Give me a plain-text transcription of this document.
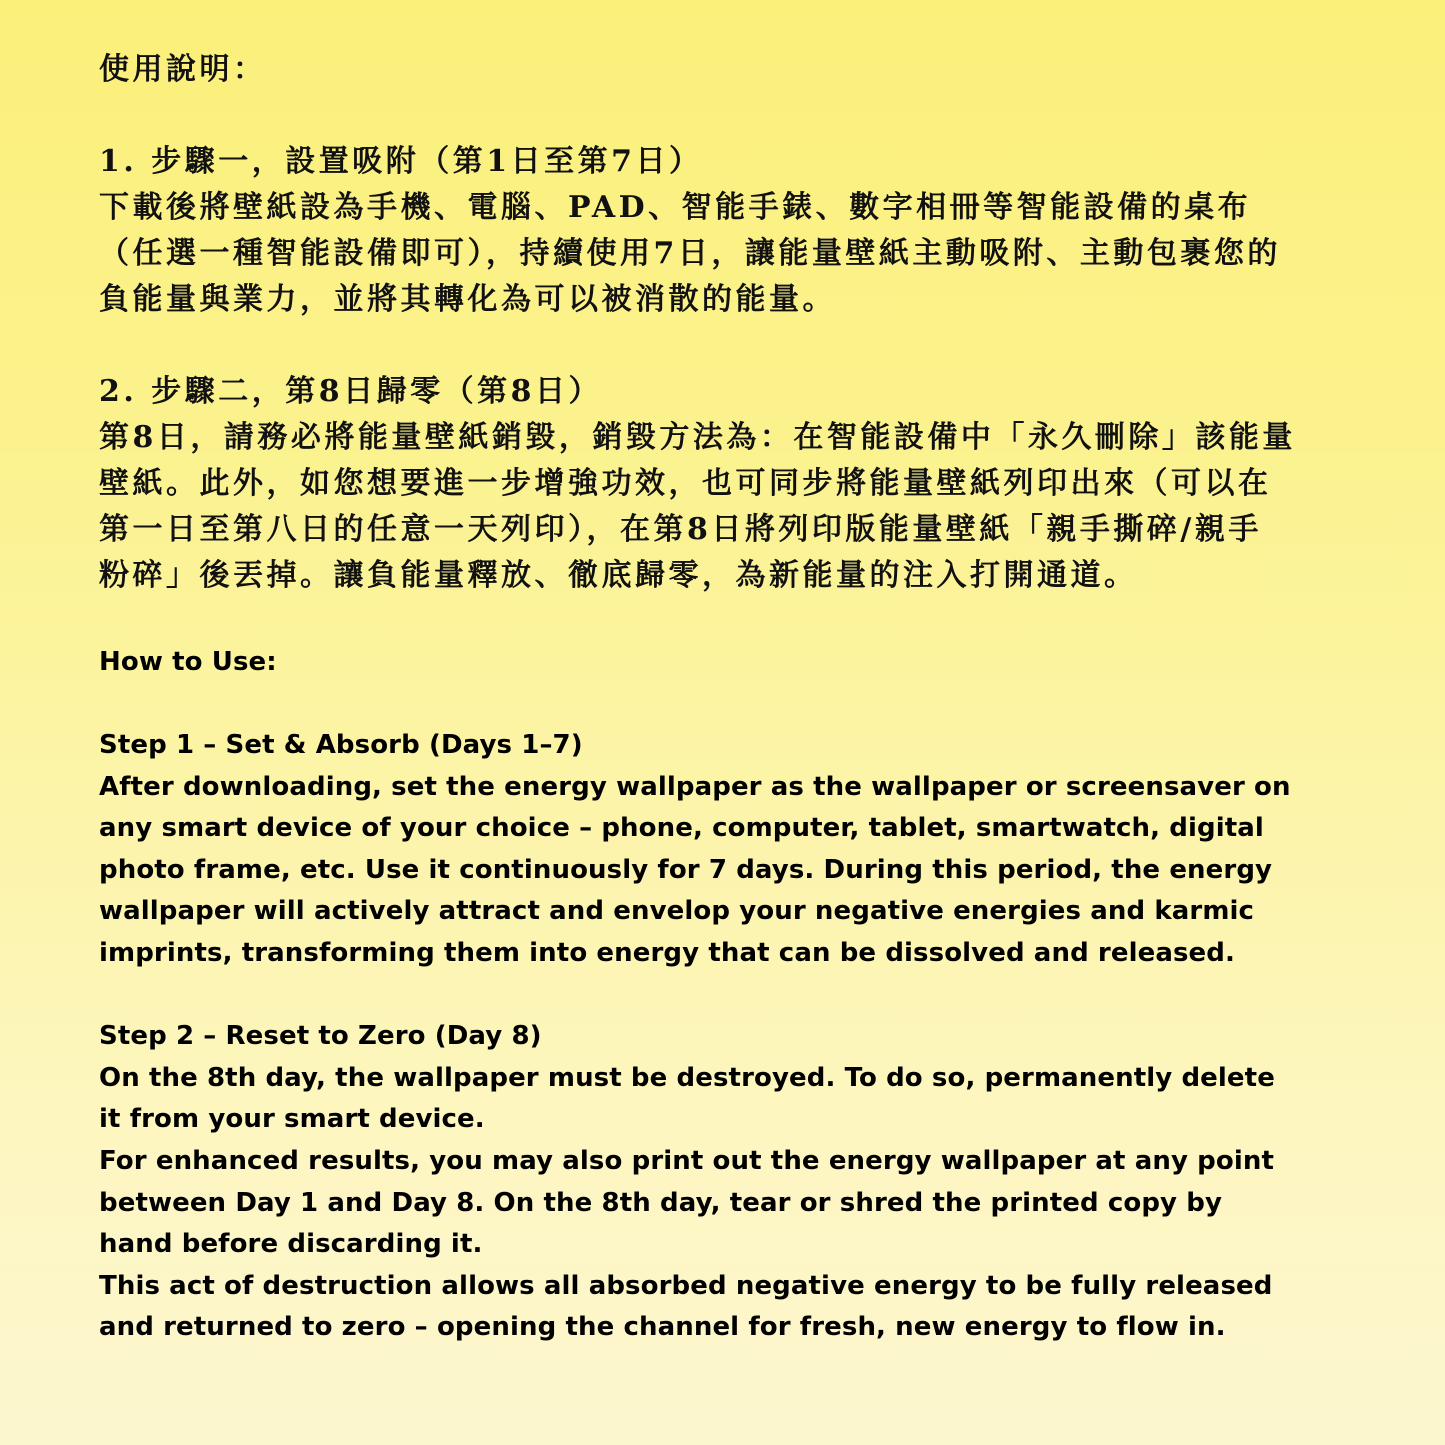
使用說明：

1. 步驟一，設置吸附（第1日至第7日）

下載後將壁紙設為手機、電腦、PAD、智能手錶、數字相冊等智能設備的桌布
（任選一種智能設備即可），持續使用7日，讓能量壁紙主動吸附、主動包裹您的
負能量與業力，並將其轉化為可以被消散的能量。

2. 步驟二，第8日歸零（第8日）

第8日，請務必將能量壁紙銷毀，銷毀方法為：在智能設備中「永久刪除」該能量
壁紙。此外，如您想要進一步增強功效，也可同步將能量壁紙列印出來（可以在
第一日至第八日的任意一天列印），在第8日將列印版能量壁紙「親手撕碎/親手
粉碎」後丟掉。讓負能量釋放、徹底歸零，為新能量的注入打開通道。

How to Use:

Step 1 – Set & Absorb (Days 1–7)

After downloading, set the energy wallpaper as the wallpaper or screensaver on
any smart device of your choice – phone, computer, tablet, smartwatch, digital
photo frame, etc. Use it continuously for 7 days. During this period, the energy
wallpaper will actively attract and envelop your negative energies and karmic
imprints, transforming them into energy that can be dissolved and released.

Step 2 – Reset to Zero (Day 8)

On the 8th day, the wallpaper must be destroyed. To do so, permanently delete
it from your smart device.
For enhanced results, you may also print out the energy wallpaper at any point
between Day 1 and Day 8. On the 8th day, tear or shred the printed copy by
hand before discarding it.
This act of destruction allows all absorbed negative energy to be fully released
and returned to zero – opening the channel for fresh, new energy to flow in.
